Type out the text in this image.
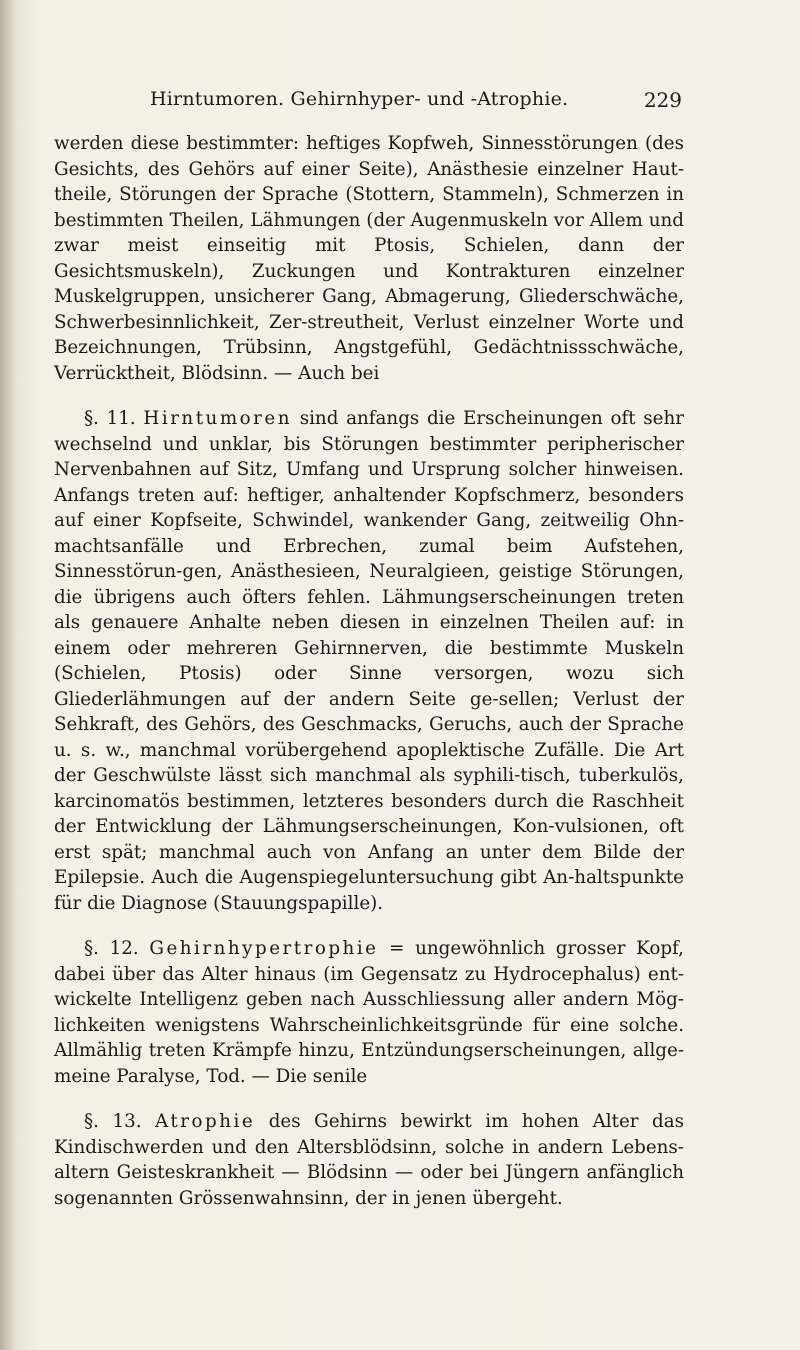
Hirntumoren. Gehirnhyper- und -Atrophie.	229

werden diese bestimmter: heftiges Kopfweh, Sinnesstörungen (des Gesichts, des Gehörs auf einer Seite), Anästhesie einzelner Haut-theile, Störungen der Sprache (Stottern, Stammeln), Schmerzen in bestimmten Theilen, Lähmungen (der Augenmuskeln vor Allem und zwar meist einseitig mit Ptosis, Schielen, dann der Gesichtsmuskeln), Zuckungen und Kontrakturen einzelner Muskelgruppen, unsicherer Gang, Abmagerung, Gliederschwäche, Schwerbesinnlichkeit, Zer-streutheit, Verlust einzelner Worte und Bezeichnungen, Trübsinn, Angstgefühl, Gedächtnissschwäche, Verrücktheit, Blödsinn. — Auch bei

§. 11. Hirntumoren sind anfangs die Erscheinungen oft sehr wechselnd und unklar, bis Störungen bestimmter peripherischer Nervenbahnen auf Sitz, Umfang und Ursprung solcher hinweisen. Anfangs treten auf: heftiger, anhaltender Kopfschmerz, besonders auf einer Kopfseite, Schwindel, wankender Gang, zeitweilig Ohn-machtsanfälle und Erbrechen, zumal beim Aufstehen, Sinnesstörun-gen, Anästhesieen, Neuralgieen, geistige Störungen, die übrigens auch öfters fehlen. Lähmungserscheinungen treten als genauere Anhalte neben diesen in einzelnen Theilen auf: in einem oder mehreren Gehirnnerven, die bestimmte Muskeln (Schielen, Ptosis) oder Sinne versorgen, wozu sich Gliederlähmungen auf der andern Seite ge-sellen; Verlust der Sehkraft, des Gehörs, des Geschmacks, Geruchs, auch der Sprache u. s. w., manchmal vorübergehend apoplektische Zufälle. Die Art der Geschwülste lässt sich manchmal als syphili-tisch, tuberkulös, karcinomatös bestimmen, letzteres besonders durch die Raschheit der Entwicklung der Lähmungserscheinungen, Kon-vulsionen, oft erst spät; manchmal auch von Anfang an unter dem Bilde der Epilepsie. Auch die Augenspiegeluntersuchung gibt An-haltspunkte für die Diagnose (Stauungspapille).

§. 12. Gehirnhypertrophie = ungewöhnlich grosser Kopf, dabei über das Alter hinaus (im Gegensatz zu Hydrocephalus) ent-wickelte Intelligenz geben nach Ausschliessung aller andern Mög-lichkeiten wenigstens Wahrscheinlichkeitsgründe für eine solche. Allmählig treten Krämpfe hinzu, Entzündungserscheinungen, allge-meine Paralyse, Tod. — Die senile

§. 13. Atrophie des Gehirns bewirkt im hohen Alter das Kindischwerden und den Altersblödsinn, solche in andern Lebens-altern Geisteskrankheit — Blödsinn — oder bei Jüngern anfänglich sogenannten Grössenwahnsinn, der in jenen übergeht.
